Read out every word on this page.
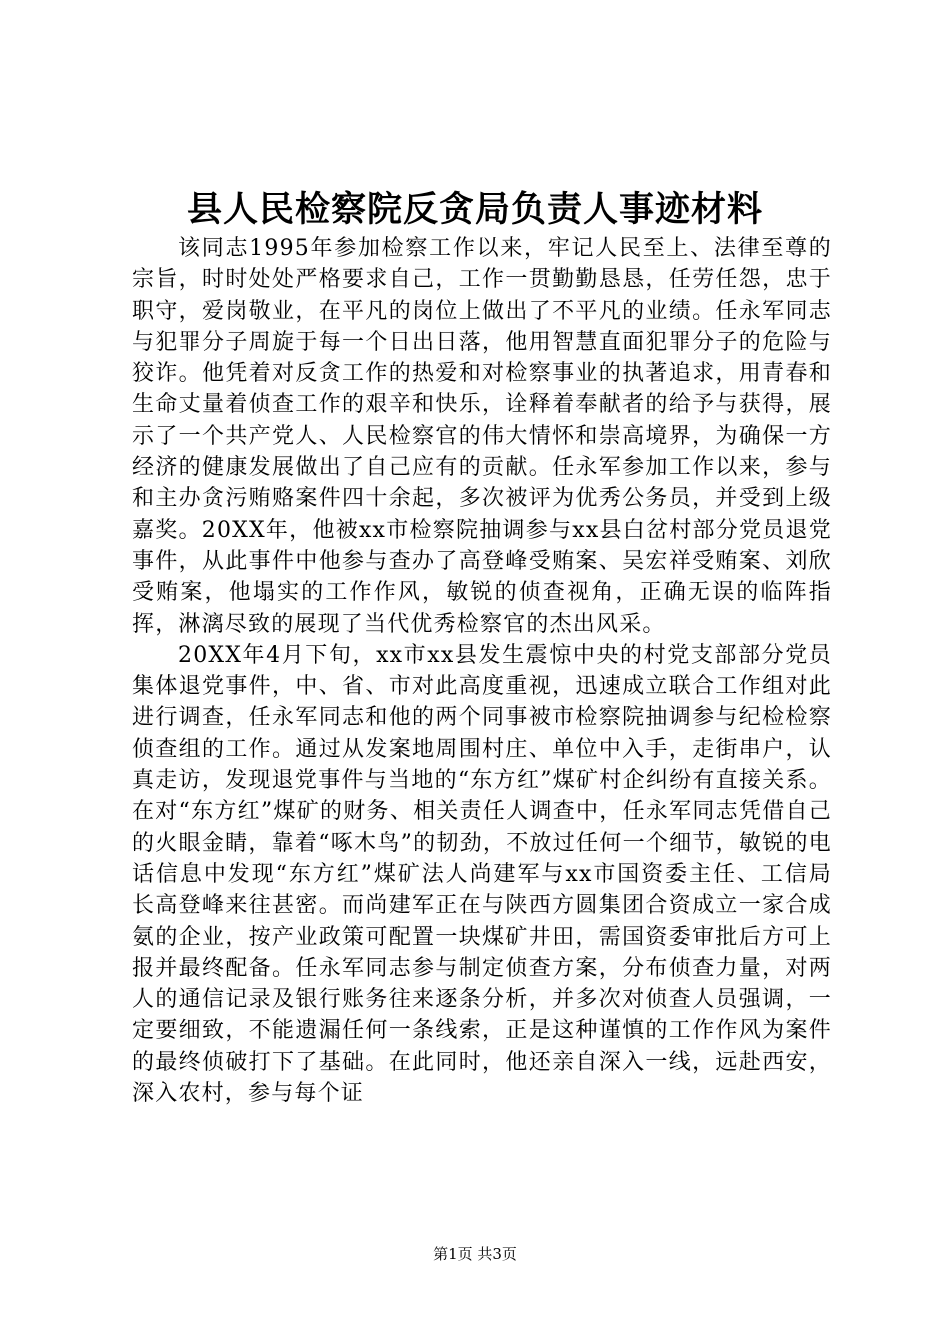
县人民检察院反贪局负责人事迹材料

该同志1995年参加检察工作以来，牢记人民至上、法律至尊的宗旨，时时处处严格要求自己，工作一贯勤勤恳恳，任劳任怨，忠于职守，爱岗敬业，在平凡的岗位上做出了不平凡的业绩。任永军同志与犯罪分子周旋于每一个日出日落，他用智慧直面犯罪分子的危险与狡诈。他凭着对反贪工作的热爱和对检察事业的执著追求，用青春和生命丈量着侦查工作的艰辛和快乐，诠释着奉献者的给予与获得，展示了一个共产党人、人民检察官的伟大情怀和崇高境界，为确保一方经济的健康发展做出了自己应有的贡献。任永军参加工作以来，参与和主办贪污贿赂案件四十余起，多次被评为优秀公务员，并受到上级嘉奖。20XX年，他被xx市检察院抽调参与xx县白岔村部分党员退党事件，从此事件中他参与查办了高登峰受贿案、吴宏祥受贿案、刘欣受贿案，他塌实的工作作风，敏锐的侦查视角，正确无误的临阵指挥，淋漓尽致的展现了当代优秀检察官的杰出风采。

20XX年4月下旬，xx市xx县发生震惊中央的村党支部部分党员集体退党事件，中、省、市对此高度重视，迅速成立联合工作组对此进行调查，任永军同志和他的两个同事被市检察院抽调参与纪检检察侦查组的工作。通过从发案地周围村庄、单位中入手，走街串户，认真走访，发现退党事件与当地的“东方红”煤矿村企纠纷有直接关系。在对“东方红”煤矿的财务、相关责任人调查中，任永军同志凭借自己的火眼金睛，靠着“啄木鸟”的韧劲，不放过任何一个细节，敏锐的电话信息中发现“东方红”煤矿法人尚建军与xx市国资委主任、工信局长高登峰来往甚密。而尚建军正在与陕西方圆集团合资成立一家合成氨的企业，按产业政策可配置一块煤矿井田，需国资委审批后方可上报并最终配备。任永军同志参与制定侦查方案，分布侦查力量，对两人的通信记录及银行账务往来逐条分析，并多次对侦查人员强调，一定要细致，不能遗漏任何一条线索，正是这种谨慎的工作作风为案件的最终侦破打下了基础。在此同时，他还亲自深入一线，远赴西安，深入农村，参与每个证

第1页 共3页
